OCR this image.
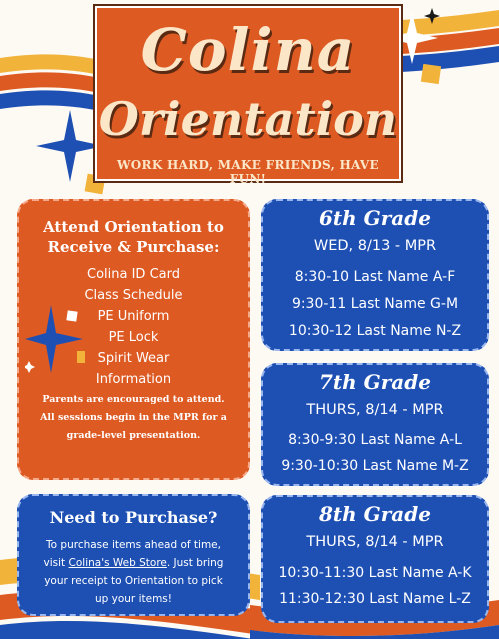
Colina
Orientation
WORK HARD, MAKE FRIENDS, HAVE FUN!
Attend Orientation to
Receive & Purchase:
Colina ID Card
Class Schedule
PE Uniform
PE Lock
Spirit Wear
Information
Parents are encouraged to attend.
All sessions begin in the MPR for a
grade-level presentation.
Need to Purchase?
To purchase items ahead of time,
visit Colina's Web Store. Just bring
your receipt to Orientation to pick
up your items!
6th Grade
WED, 8/13 - MPR
8:30-10 Last Name A-F
9:30-11 Last Name G-M
10:30-12 Last Name N-Z
7th Grade
THURS, 8/14 - MPR
8:30-9:30 Last Name A-L
9:30-10:30 Last Name M-Z
8th Grade
THURS, 8/14 - MPR
10:30-11:30 Last Name A-K
11:30-12:30 Last Name L-Z
